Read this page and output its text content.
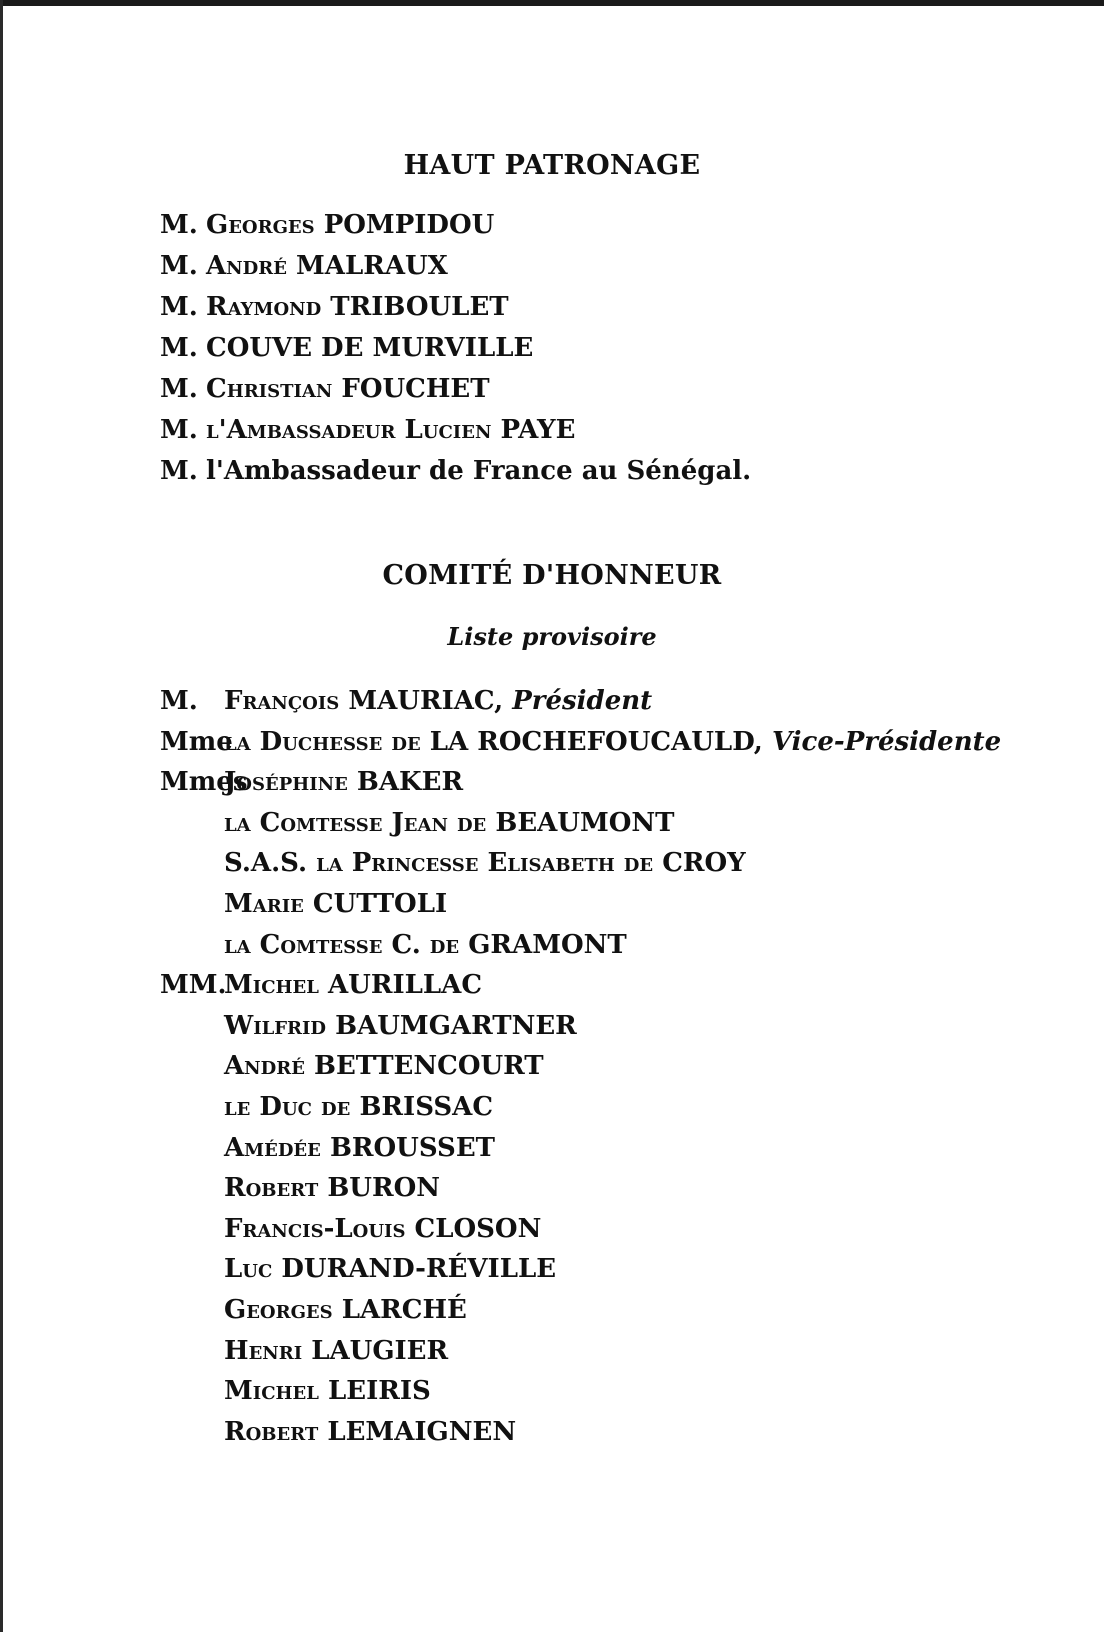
HAUT PATRONAGE
M. Georges POMPIDOU
M. André MALRAUX
M. Raymond TRIBOULET
M. COUVE DE MURVILLE
M. Christian FOUCHET
M. l'Ambassadeur Lucien PAYE
M. l'Ambassadeur de France au Sénégal.
COMITÉ D'HONNEUR
Liste provisoire
M. François MAURIAC, Président
Mmela Duchesse de LA ROCHEFOUCAULD, Vice-Présidente
MmesJoséphine BAKER
la Comtesse Jean de BEAUMONT
S.A.S. la Princesse Elisabeth de CROY
Marie CUTTOLI
la Comtesse C. de GRAMONT
MM.Michel AURILLAC
Wilfrid BAUMGARTNER
André BETTENCOURT
le Duc de BRISSAC
Amédée BROUSSET
Robert BURON
Francis-Louis CLOSON
Luc DURAND-RÉVILLE
Georges LARCHÉ
Henri LAUGIER
Michel LEIRIS
Robert LEMAIGNEN
